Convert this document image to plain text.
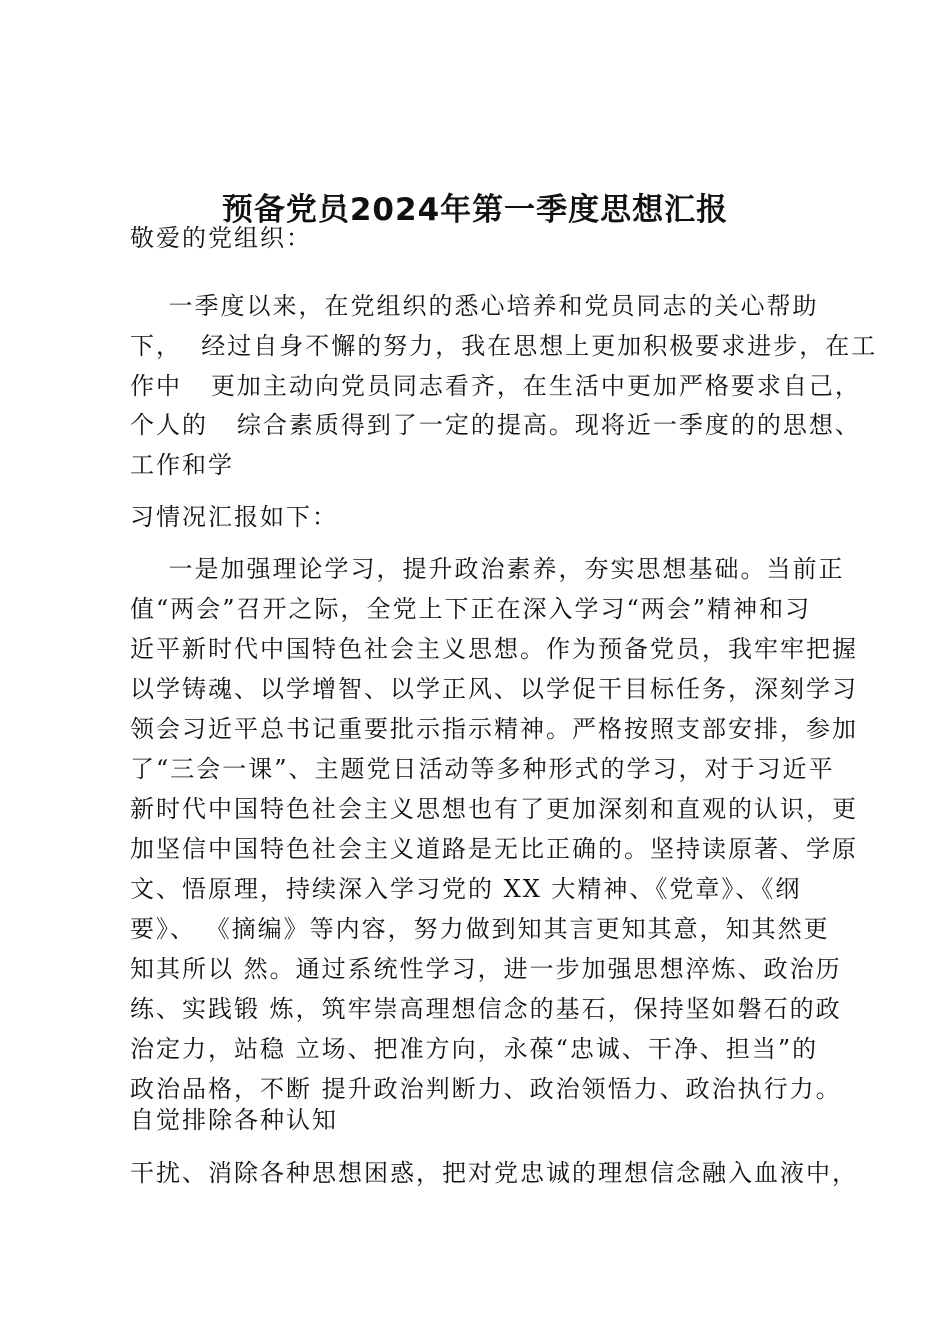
预备党员2024年第一季度思想汇报
敬爱的党组织：
一季度以来，在党组织的悉心培养和党员同志的关心帮助
下，  经过自身不懈的努力，我在思想上更加积极要求进步，在工
作中   更加主动向党员同志看齐，在生活中更加严格要求自己，
个人的   综合素质得到了一定的提高。现将近一季度的的思想、
工作和学
习情况汇报如下：
一是加强理论学习，提升政治素养，夯实思想基础。当前正
值“两会”召开之际，全党上下正在深入学习“两会”精神和习
近平新时代中国特色社会主义思想。作为预备党员，我牢牢把握
以学铸魂、以学增智、以学正风、以学促干目标任务，深刻学习
领会习近平总书记重要批示指示精神。严格按照支部安排，参加
了“三会一课”、主题党日活动等多种形式的学习，对于习近平
新时代中国特色社会主义思想也有了更加深刻和直观的认识，更
加坚信中国特色社会主义道路是无比正确的。坚持读原著、学原
文、悟原理，持续深入学习党的 XX 大精神、《党章》、《纲
要》、 《摘编》等内容，努力做到知其言更知其意，知其然更
知其所以 然。通过系统性学习，进一步加强思想淬炼、政治历
练、实践锻 炼，筑牢崇高理想信念的基石，保持坚如磐石的政
治定力，站稳 立场、把准方向，永葆“忠诚、干净、担当”的
政治品格，不断 提升政治判断力、政治领悟力、政治执行力。
自觉排除各种认知
干扰、消除各种思想困惑，把对党忠诚的理想信念融入血液中，
